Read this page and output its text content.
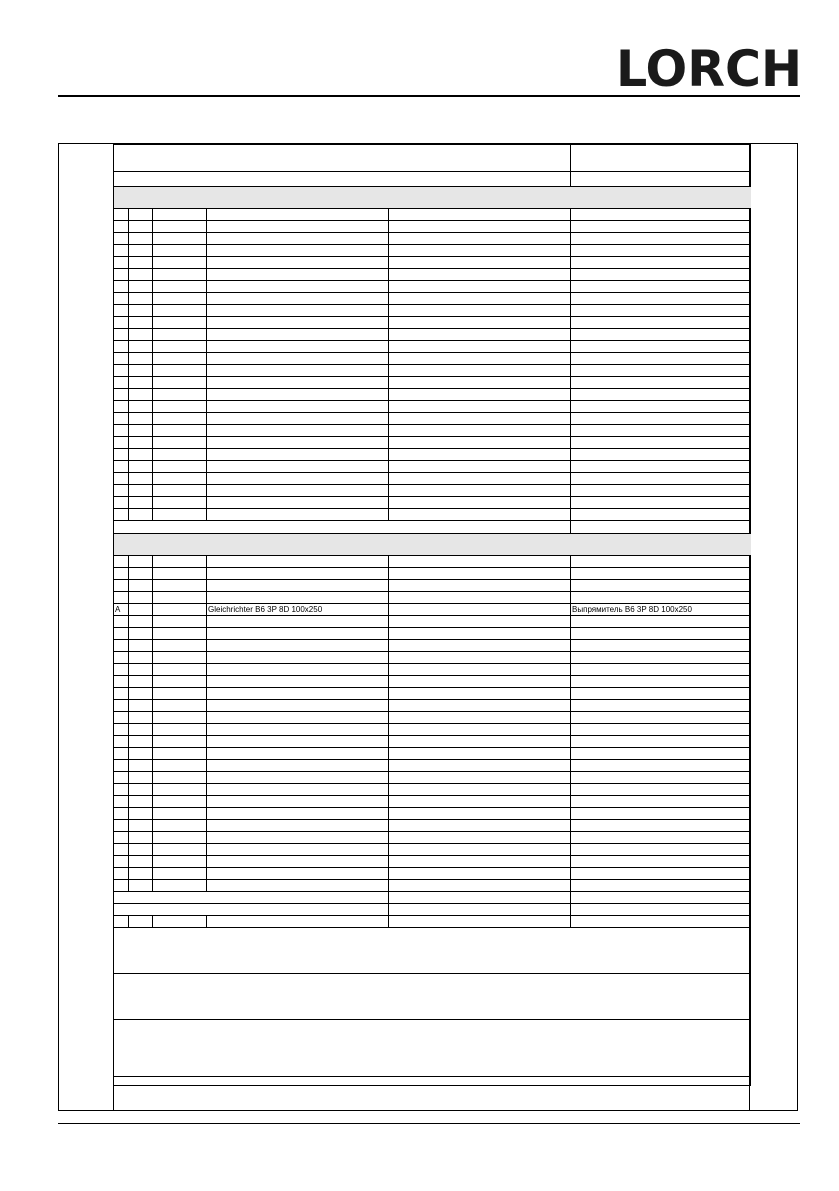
LORCH

A			Gleichrichter B6 3P 8D 100x250		Выпрямитель B6 3P 8D 100x250
